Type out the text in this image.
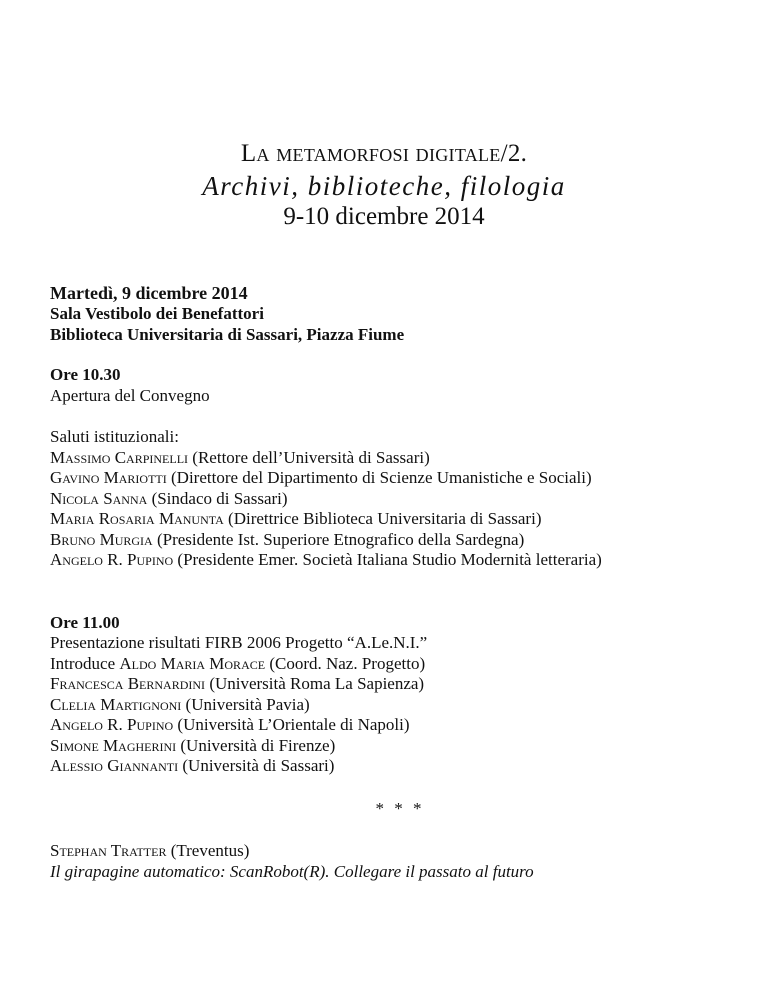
La metamorfosi digitale/2.
Archivi, biblioteche, filologia
9-10 dicembre 2014
Martedì, 9 dicembre 2014
Sala Vestibolo dei Benefattori
Biblioteca Universitaria di Sassari, Piazza Fiume
Ore 10.30
Apertura del Convegno
Saluti istituzionali:
Massimo Carpinelli (Rettore dell’Università di Sassari)
Gavino Mariotti (Direttore del Dipartimento di Scienze Umanistiche e Sociali)
Nicola Sanna (Sindaco di Sassari)
Maria Rosaria Manunta (Direttrice Biblioteca Universitaria di Sassari)
Bruno Murgia (Presidente Ist. Superiore Etnografico della Sardegna)
Angelo R. Pupino (Presidente Emer. Società Italiana Studio Modernità letteraria)
Ore 11.00
Presentazione risultati FIRB 2006 Progetto “A.Le.N.I.”
Introduce Aldo Maria Morace (Coord. Naz. Progetto)
Francesca Bernardini (Università Roma La Sapienza)
Clelia Martignoni (Università Pavia)
Angelo R. Pupino (Università L’Orientale di Napoli)
Simone Magherini (Università di Firenze)
Alessio Giannanti (Università di Sassari)
* * *
Stephan Tratter (Treventus)
Il girapagine automatico: ScanRobot(R). Collegare il passato al futuro
